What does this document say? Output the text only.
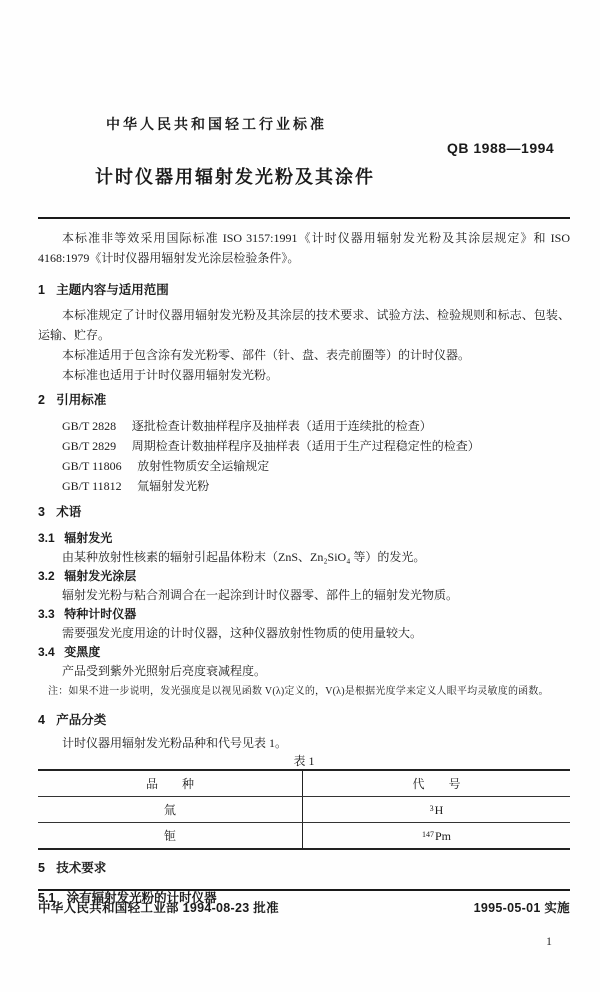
中华人民共和国轻工行业标准
QB 1988—1994
计时仪器用辐射发光粉及其涂件

本标准非等效采用国际标准 ISO 3157:1991《计时仪器用辐射发光粉及其涂层规定》和 ISO 4168:1979《计时仪器用辐射发光涂层检验条件》。

1 主题内容与适用范围

本标准规定了计时仪器用辐射发光粉及其涂层的技术要求、试验方法、检验规则和标志、包装、运输、贮存。

本标准适用于包含涂有发光粉零、部件（针、盘、表壳前圈等）的计时仪器。

本标准也适用于计时仪器用辐射发光粉。

2 引用标准
GB/T 2828 逐批检查计数抽样程序及抽样表（适用于连续批的检查）
GB/T 2829 周期检查计数抽样程序及抽样表（适用于生产过程稳定性的检查）
GB/T 11806 放射性物质安全运输规定
GB/T 11812 氚辐射发光粉
3 术语
3.1 辐射发光
由某种放射性核素的辐射引起晶体粉末（ZnS、Zn₂SiO₄ 等）的发光。
3.2 辐射发光涂层
辐射发光粉与粘合剂调合在一起涂到计时仪器零、部件上的辐射发光物质。
3.3 特种计时仪器
需要强发光度用途的计时仪器，这种仪器放射性物质的使用量较大。
3.4 变黑度
产品受到紫外光照射后亮度衰减程度。
注：如果不进一步说明，发光强度是以视见函数 V(λ)定义的，V(λ)是根据光度学来定义人眼平均灵敏度的函数。
4 产品分类

计时仪器用辐射发光粉品种和代号见表 1。

表 1
品　　种	代　　号
氚	$^3$ H
钷	$^{147}$ Pm
5 技术要求
5.1 涂有辐射发光粉的计时仪器
中华人民共和国轻工业部 1994-08-23 批准	1995-05-01 实施
1
